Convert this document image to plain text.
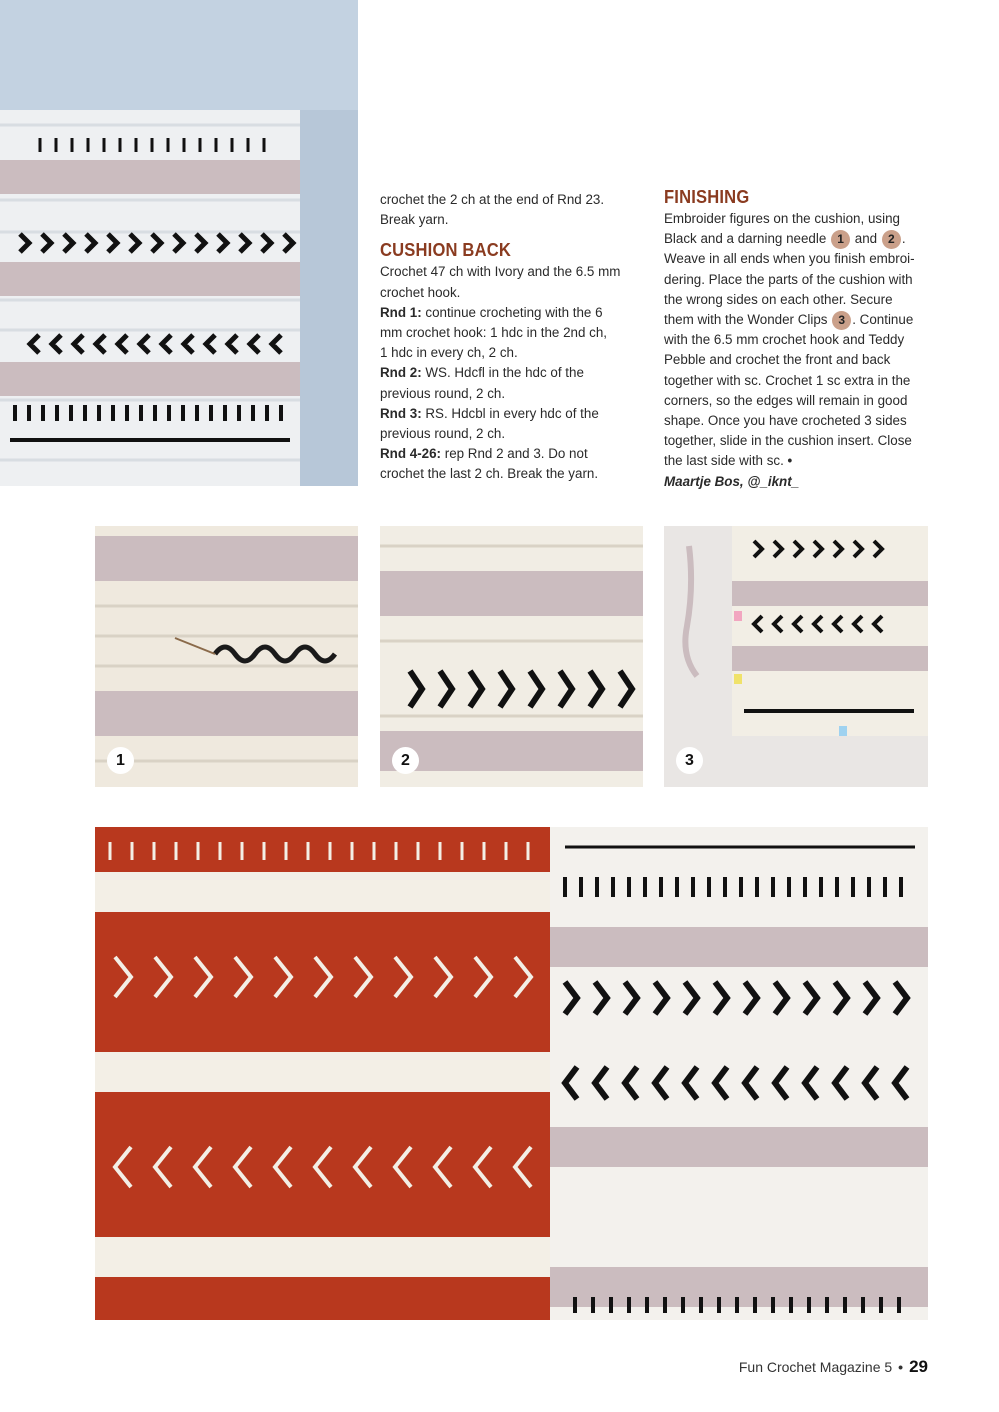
crochet the 2 ch at the end of Rnd 23.

Break yarn.

CUSHION BACK

Crochet 47 ch with Ivory and the 6.5 mm

crochet hook.

Rnd 1: continue crocheting with the 6

mm crochet hook: 1 hdc in the 2nd ch,

1 hdc in every ch, 2 ch.

Rnd 2: WS. Hdcfl in the hdc of the

previous round, 2 ch.

Rnd 3: RS. Hdcbl in every hdc of the

previous round, 2 ch.

Rnd 4-26: rep Rnd 2 and 3. Do not

crochet the last 2 ch. Break the yarn.

FINISHING

Embroider figures on the cushion, using

Black and a darning needle 1 and 2 .

Weave in all ends when you finish embroi-

dering. Place the parts of the cushion with

the wrong sides on each other. Secure

them with the Wonder Clips 3 . Continue

with the 6.5 mm crochet hook and Teddy

Pebble and crochet the front and back

together with sc. Crochet 1 sc extra in the

corners, so the edges will remain in good

shape. Once you have crocheted 3 sides

together, slide in the cushion insert. Close

the last side with sc. •

Maartje Bos, @_iknt_

1	2	3
Fun Crochet Magazine 5 • 29
